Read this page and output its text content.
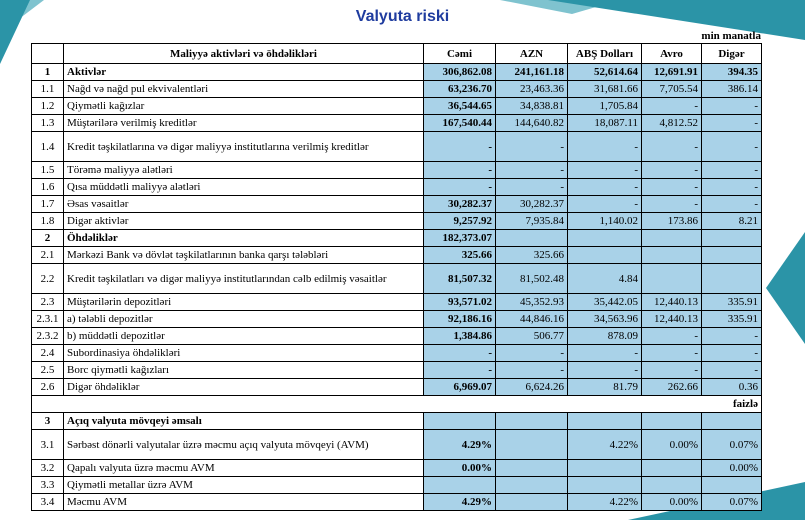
Valyuta riski
min manatla
	Maliyyə aktivləri və öhdəlikləri	Cəmi	AZN	ABŞ Dolları	Avro	Digər
1	Aktivlər	306,862.08	241,161.18	52,614.64	12,691.91	394.35
1.1	Nağd və nağd pul ekvivalentləri	63,236.70	23,463.36	31,681.66	7,705.54	386.14
1.2	Qiymətli kağızlar	36,544.65	34,838.81	1,705.84	-	-
1.3	Müştərilərə verilmiş kreditlər	167,540.44	144,640.82	18,087.11	4,812.52	-
1.4	Kredit təşkilatlarına və digər maliyyə institutlarına verilmiş kreditlər	-	-	-	-	-
1.5	Törəmə maliyyə alətləri	-	-	-	-	-
1.6	Qısa müddətli maliyyə alətləri	-	-	-	-	-
1.7	Əsas vəsaitlər	30,282.37	30,282.37	-	-	-
1.8	Digər aktivlər	9,257.92	7,935.84	1,140.02	173.86	8.21
2	Öhdəliklər	182,373.07				
2.1	Mərkəzi Bank və dövlət təşkilatlarının banka qarşı tələbləri	325.66	325.66			
2.2	Kredit təşkilatları və digər maliyyə institutlarından cəlb edilmiş vəsaitlər	81,507.32	81,502.48	4.84		
2.3	Müştərilərin depozitləri	93,571.02	45,352.93	35,442.05	12,440.13	335.91
2.3.1	a) tələbli depozitlər	92,186.16	44,846.16	34,563.96	12,440.13	335.91
2.3.2	b) müddətli depozitlər	1,384.86	506.77	878.09	-	-
2.4	Subordinasiya öhdəlikləri	-	-	-	-	-
2.5	Borc qiymətli kağızları	-	-	-	-	-
2.6	Digər öhdəliklər	6,969.07	6,624.26	81.79	262.66	0.36
faizlə						
3	Açıq valyuta mövqeyi əmsalı					
3.1	Sərbəst dönərli valyutalar üzrə məcmu açıq valyuta mövqeyi (AVM)	4.29%		4.22%	0.00%	0.07%
3.2	Qapalı valyuta üzrə məcmu AVM	0.00%				0.00%
3.3	Qiymətli metallar üzrə AVM					
3.4	Məcmu AVM	4.29%		4.22%	0.00%	0.07%
